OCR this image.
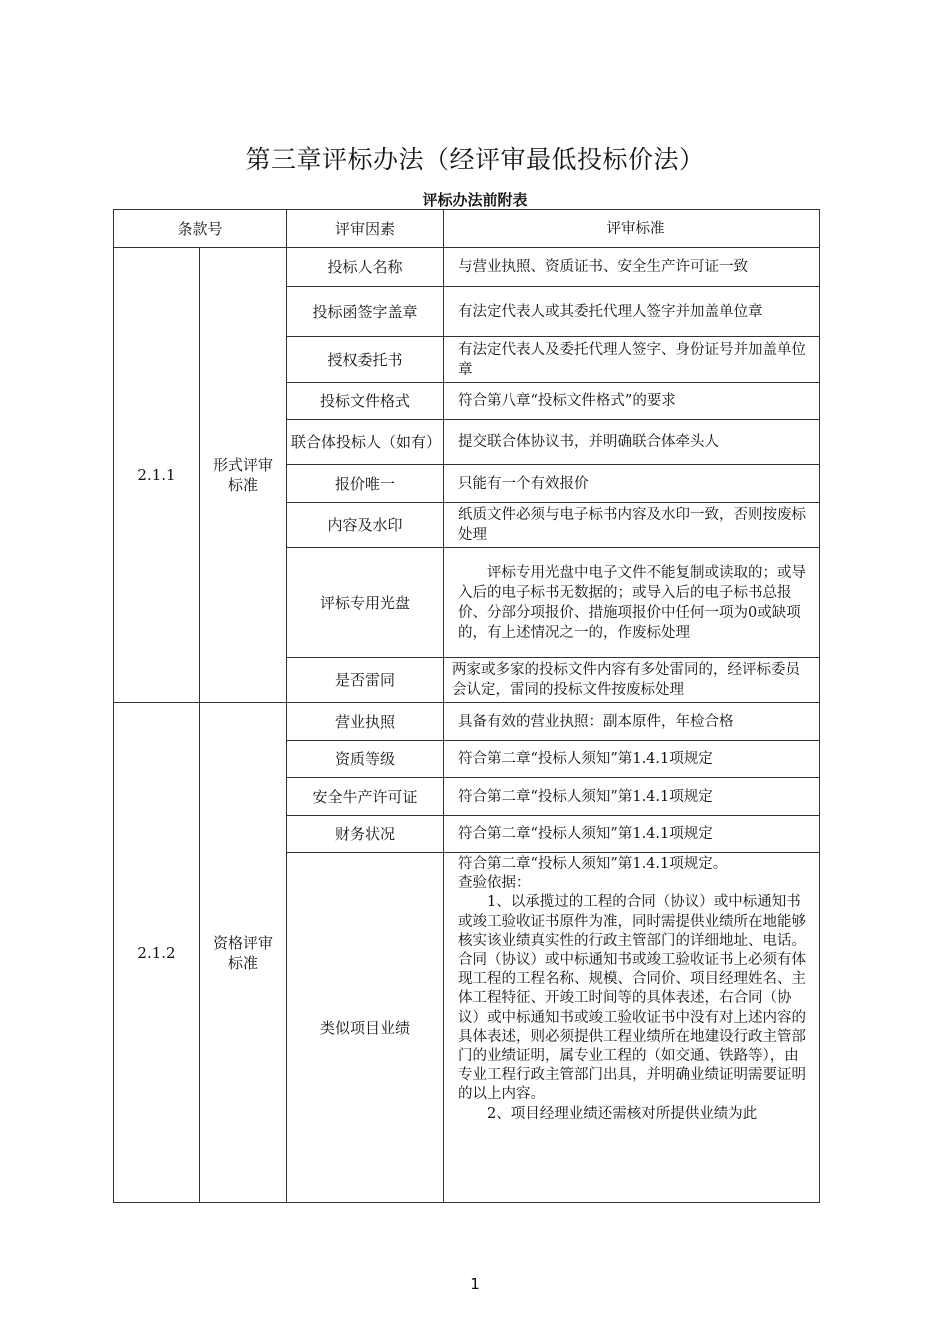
第三章评标办法（经评审最低投标价法）
评标办法前附表
条款号		评审因素	评审标准
2.1.1	形式评审标准	投标人名称	与营业执照、资质证书、安全生产许可证一致
		投标函签字盖章	有法定代表人或其委托代理人签字并加盖单位章
		授权委托书	有法定代表人及委托代理人签字、身份证号并加盖单位章
		投标文件格式	符合第八章“投标文件格式”的要求
		联合体投标人（如有）	提交联合体协议书，并明确联合体牵头人
		报价唯一	只能有一个有效报价
		内容及水印	纸质文件必须与电子标书内容及水印一致，否则按废标处理
		评标专用光盘	评标专用光盘中电子文件不能复制或读取的；或导入后的电子标书无数据的；或导入后的电子标书总报价、分部分项报价、措施项报价中任何一项为0或缺项的，有上述情况之一的，作废标处理
		是否雷同	两家或多家的投标文件内容有多处雷同的，经评标委员会认定，雷同的投标文件按废标处理
2.1.2	资格评审标准	营业执照	具备有效的营业执照：副本原件，年检合格
		资质等级	符合第二章“投标人须知”第1.4.1项规定
		安全牛产许可证	符合第二章“投标人须知”第1.4.1项规定
		财务状况	符合第二章“投标人须知”第1.4.1项规定
		类似项目业绩	符合第二章“投标人须知”第1.4.1项规定。

查验依据：

1、以承揽过的工程的合同（协议）或中标通知书或竣工验收证书原件为准，同时需提供业绩所在地能够核实该业绩真实性的行政主管部门的详细地址、电话。合同（协议）或中标通知书或竣工验收证书上必须有体现工程的工程名称、规模、合同价、项目经理姓名、主体工程特征、开竣工时间等的具体表述，右合同（协议）或中标通知书或竣工验收证书中没有对上述内容的具体表述，则必须提供工程业绩所在地建设行政主管部门的业绩证明，属专业工程的（如交通、铁路等），由专业工程行政主管部门出具，并明确业绩证明需要证明的以上内容。

2、项目经理业绩还需核对所提供业绩为此

1
